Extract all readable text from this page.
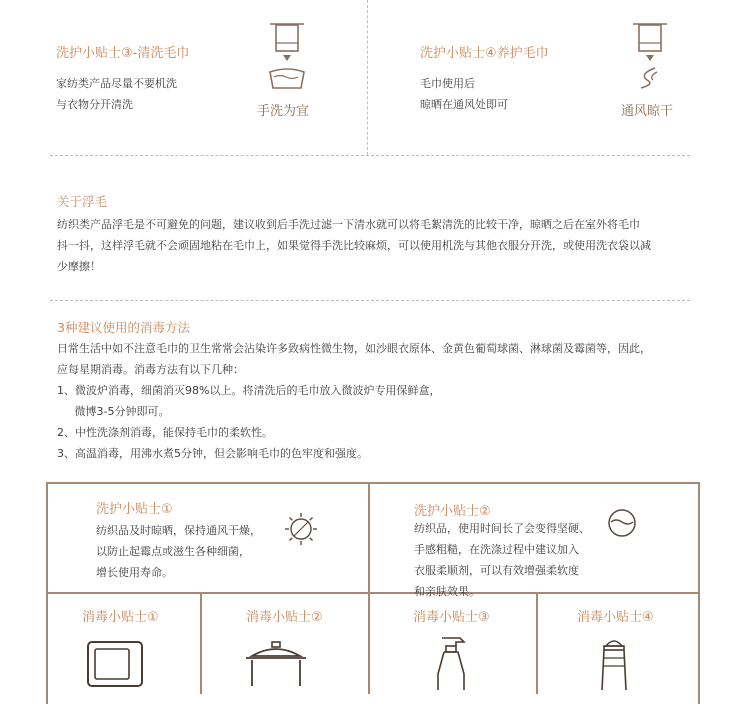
洗护小贴士③-清洗毛巾
家纺类产品尽量不要机洗
与衣物分开清洗	手洗为宜
洗护小贴士④养护毛巾
毛巾使用后
晾晒在通风处即可	通风晾干
关于浮毛
纺织类产品浮毛是不可避免的问题，建议收到后手洗过滤一下清水就可以将毛絮清洗的比较干净，晾晒之后在室外将毛巾
抖一抖，这样浮毛就不会顽固地粘在毛巾上，如果觉得手洗比较麻烦，可以使用机洗与其他衣服分开洗，或使用洗衣袋以减
少摩擦！
3种建议使用的消毒方法
日常生活中如不注意毛巾的卫生常常会沾染许多致病性微生物，如沙眼衣原体、金黄色葡萄球菌、淋球菌及霉菌等，因此，
应每星期消毒。消毒方法有以下几种：
1、微波炉消毒，细菌消灭98%以上。将清洗后的毛巾放入微波炉专用保鲜盒，
微博3-5分钟即可。
2、中性洗涤剂消毒，能保持毛巾的柔软性。
3、高温消毒，用沸水煮5分钟，但会影响毛巾的色牢度和强度。
洗护小贴士①
纺织品及时晾晒，保持通风干燥，
以防止起霉点或滋生各种细菌，
增长使用寿命。
洗护小贴士②
纺织品，使用时间长了会变得坚硬、
手感粗糙，在洗涤过程中建议加入
衣服柔顺剂，可以有效增强柔软度
和亲肤效果。
消毒小贴士①	消毒小贴士②	消毒小贴士③	消毒小贴士④
